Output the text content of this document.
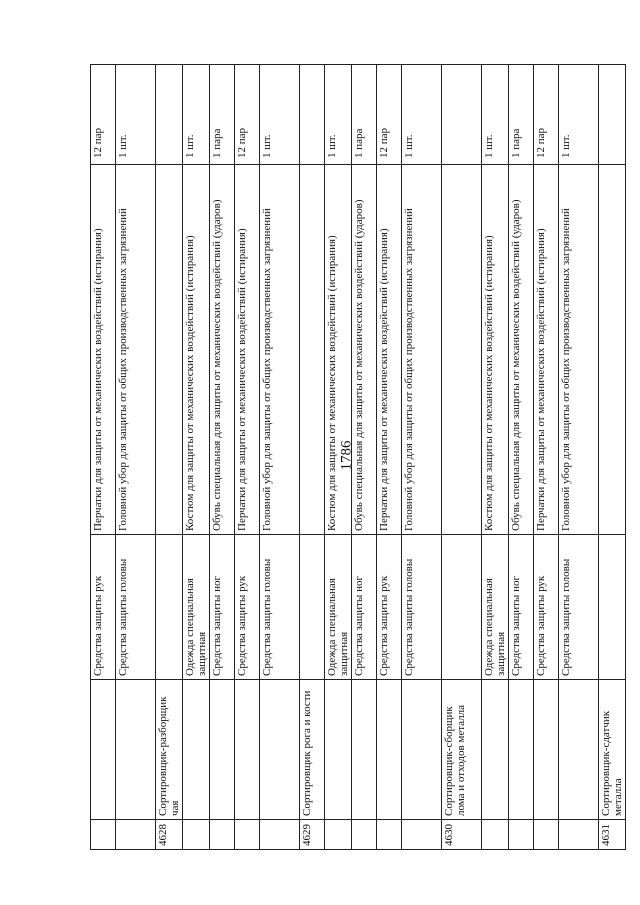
1786
		Средства защиты рук	Перчатки для защиты от механических воздействий (истирания)	12 пар
		Средства защиты головы	Головной убор для защиты от общих производственных загрязнений	1 шт.
4628	Сортировщик-разборщик чая			
		Одежда специальная защитная	Костюм для защиты от механических воздействий (истирания)	1 шт.
		Средства защиты ног	Обувь специальная для защиты от механических воздействий (ударов)	1 пара
		Средства защиты рук	Перчатки для защиты от механических воздействий (истирания)	12 пар
		Средства защиты головы	Головной убор для защиты от общих производственных загрязнений	1 шт.
4629	Сортировщик рога и кости			
		Одежда специальная защитная	Костюм для защиты от механических воздействий (истирания)	1 шт.
		Средства защиты ног	Обувь специальная для защиты от механических воздействий (ударов)	1 пара
		Средства защиты рук	Перчатки для защиты от механических воздействий (истирания)	12 пар
		Средства защиты головы	Головной убор для защиты от общих производственных загрязнений	1 шт.
4630	Сортировщик-сборщик лома и отходов металла			
		Одежда специальная защитная	Костюм для защиты от механических воздействий (истирания)	1 шт.
		Средства защиты ног	Обувь специальная для защиты от механических воздействий (ударов)	1 пара
		Средства защиты рук	Перчатки для защиты от механических воздействий (истирания)	12 пар
		Средства защиты головы	Головной убор для защиты от общих производственных загрязнений	1 шт.
4631	Сортировщик-сдатчик металла			
